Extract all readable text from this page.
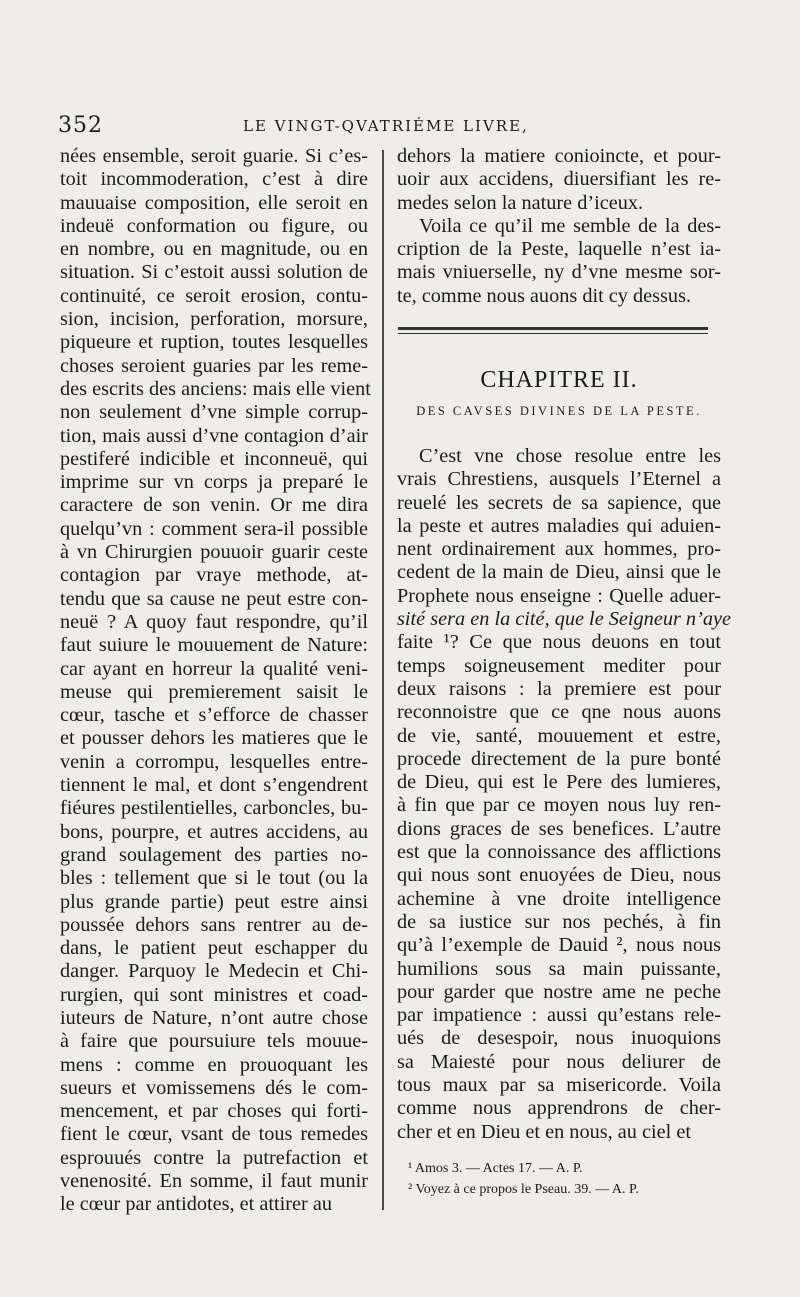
352	LE VINGT-QVATRIÉME LIVRE,
nées ensemble, seroit guarie. Si c’es-
toit incommoderation, c’est à dire
mauuaise composition, elle seroit en
indeuë conformation ou figure, ou
en nombre, ou en magnitude, ou en
situation. Si c’estoit aussi solution de
continuité, ce seroit erosion, contu-
sion, incision, perforation, morsure,
piqueure et ruption, toutes lesquelles
choses seroient guaries par les reme-
des escrits des anciens: mais elle vient
non seulement d’vne simple corrup-
tion, mais aussi d’vne contagion d’air
pestiferé indicible et inconneuë, qui
imprime sur vn corps ja preparé le
caractere de son venin. Or me dira
quelqu’vn : comment sera-il possible
à vn Chirurgien pouuoir guarir ceste
contagion par vraye methode, at-
tendu que sa cause ne peut estre con-
neuë ? A quoy faut respondre, qu’il
faut suiure le mouuement de Nature:
car ayant en horreur la qualité veni-
meuse qui premierement saisit le
cœur, tasche et s’efforce de chasser
et pousser dehors les matieres que le
venin a corrompu, lesquelles entre-
tiennent le mal, et dont s’engendrent
fiéures pestilentielles, carboncles, bu-
bons, pourpre, et autres accidens, au
grand soulagement des parties no-
bles : tellement que si le tout (ou la
plus grande partie) peut estre ainsi
poussée dehors sans rentrer au de-
dans, le patient peut eschapper du
danger. Parquoy le Medecin et Chi-
rurgien, qui sont ministres et coad-
iuteurs de Nature, n’ont autre chose
à faire que poursuiure tels mouue-
mens : comme en prouoquant les
sueurs et vomissemens dés le com-
mencement, et par choses qui forti-
fient le cœur, vsant de tous remedes
esprouués contre la putrefaction et
venenosité. En somme, il faut munir
le cœur par antidotes, et attirer au
dehors la matiere conioincte, et pour-
uoir aux accidens, diuersifiant les re-
medes selon la nature d’iceux.
Voila ce qu’il me semble de la des-
cription de la Peste, laquelle n’est ia-
mais vniuerselle, ny d’vne mesme sor-
te, comme nous auons dit cy dessus.
CHAPITRE II.
DES CAVSES DIVINES DE LA PESTE.
C’est vne chose resolue entre les
vrais Chrestiens, ausquels l’Eternel a
reuelé les secrets de sa sapience, que
la peste et autres maladies qui aduien-
nent ordinairement aux hommes, pro-
cedent de la main de Dieu, ainsi que le
Prophete nous enseigne : Quelle aduer-
sité sera en la cité, que le Seigneur n’aye
faite ¹? Ce que nous deuons en tout
temps soigneusement mediter pour
deux raisons : la premiere est pour
reconnoistre que ce qne nous auons
de vie, santé, mouuement et estre,
procede directement de la pure bonté
de Dieu, qui est le Pere des lumieres,
à fin que par ce moyen nous luy ren-
dions graces de ses benefices. L’autre
est que la connoissance des afflictions
qui nous sont enuoyées de Dieu, nous
achemine à vne droite intelligence
de sa iustice sur nos pechés, à fin
qu’à l’exemple de Dauid ², nous nous
humilions sous sa main puissante,
pour garder que nostre ame ne peche
par impatience : aussi qu’estans rele-
ués de desespoir, nous inuoquions
sa Maiesté pour nous deliurer de
tous maux par sa misericorde. Voila
comme nous apprendrons de cher-
cher et en Dieu et en nous, au ciel et
¹ Amos 3. — Actes 17. — A. P.
² Voyez à ce propos le Pseau. 39. — A. P.
